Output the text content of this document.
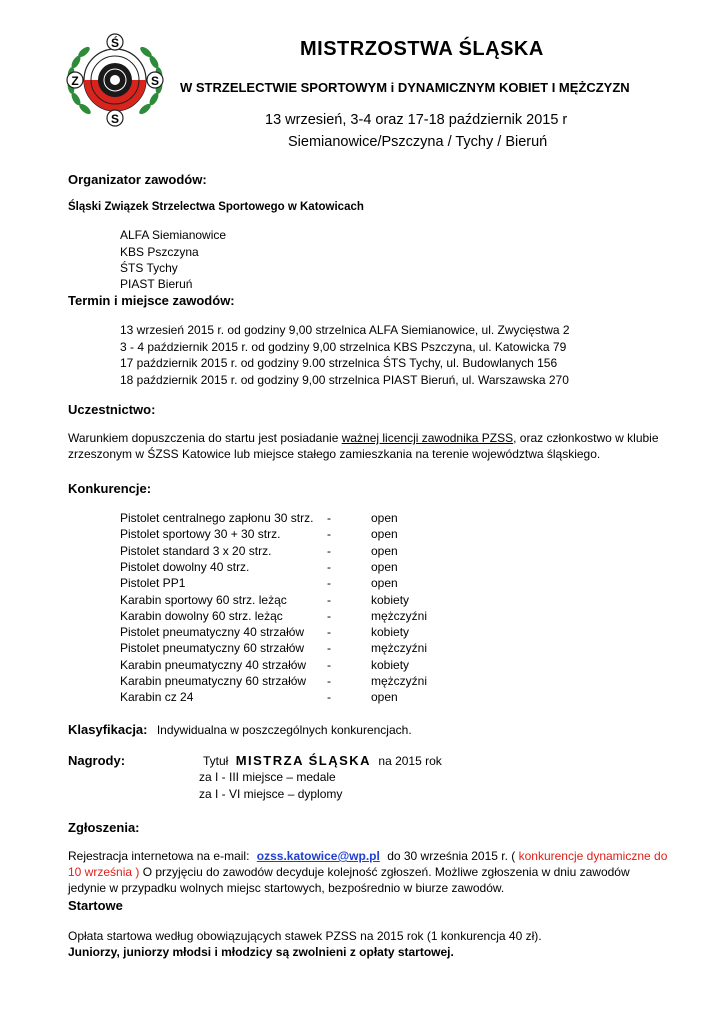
Ś
Z	S
S
MISTRZOSTWA ŚLĄSKA
W STRZELECTWIE SPORTOWYM i DYNAMICZNYM KOBIET I MĘŻCZYZN
13 wrzesień, 3-4 oraz 17-18 październik 2015 r
Siemianowice/Pszczyna / Tychy / Bieruń
Organizator zawodów:
Śląski Związek Strzelectwa Sportowego w Katowicach
ALFA Siemianowice
KBS Pszczyna
ŚTS Tychy
PIAST Bieruń
Termin i miejsce zawodów:
13 wrzesień 2015 r. od godziny 9,00 strzelnica ALFA Siemianowice, ul. Zwycięstwa 2
3 - 4 październik 2015 r. od godziny 9,00 strzelnica KBS Pszczyna, ul. Katowicka 79
17 październik 2015 r. od godziny 9.00 strzelnica ŚTS Tychy, ul. Budowlanych 156
18 październik 2015 r. od godziny 9,00 strzelnica PIAST Bieruń, ul. Warszawska 270
Uczestnictwo:
Warunkiem dopuszczenia do startu jest posiadanie ważnej licencji zawodnika PZSS, oraz członkostwo w klubie
zrzeszonym w ŚZSS Katowice lub miejsce stałego zamieszkania na terenie województwa śląskiego.
Konkurencje:
Pistolet centralnego zapłonu 30 strz. -	open
Pistolet sportowy 30 + 30 strz.	-	open
Pistolet standard 3 x 20 strz.	-	open
Pistolet dowolny 40 strz.	-	open
Pistolet PP1	-	open
Karabin sportowy 60 strz. leżąc	-	kobiety
Karabin dowolny 60 strz. leżąc	-	mężczyźni
Pistolet pneumatyczny 40 strzałów -	kobiety
Pistolet pneumatyczny 60 strzałów -	mężczyźni
Karabin pneumatyczny 40 strzałów -	kobiety
Karabin pneumatyczny 60 strzałów -	mężczyźni
Karabin cz 24	-	open
Klasyfikacja: Indywidualna w poszczególnych konkurencjach.
Nagrody:	Tytuł MISTRZA ŚLĄSKA na 2015 rok
za I - III miejsce – medale
za I - VI miejsce – dyplomy
Zgłoszenia:
Rejestracja internetowa na e-mail: ozss.katowice@wp.pl do 30 września 2015 r. ( konkurencje dynamiczne do
10 września ) O przyjęciu do zawodów decyduje kolejność zgłoszeń. Możliwe zgłoszenia w dniu zawodów
jedynie w przypadku wolnych miejsc startowych, bezpośrednio w biurze zawodów.
Startowe
Opłata startowa według obowiązujących stawek PZSS na 2015 rok (1 konkurencja 40 zł).
Juniorzy, juniorzy młodsi i młodzicy są zwolnieni z opłaty startowej.
